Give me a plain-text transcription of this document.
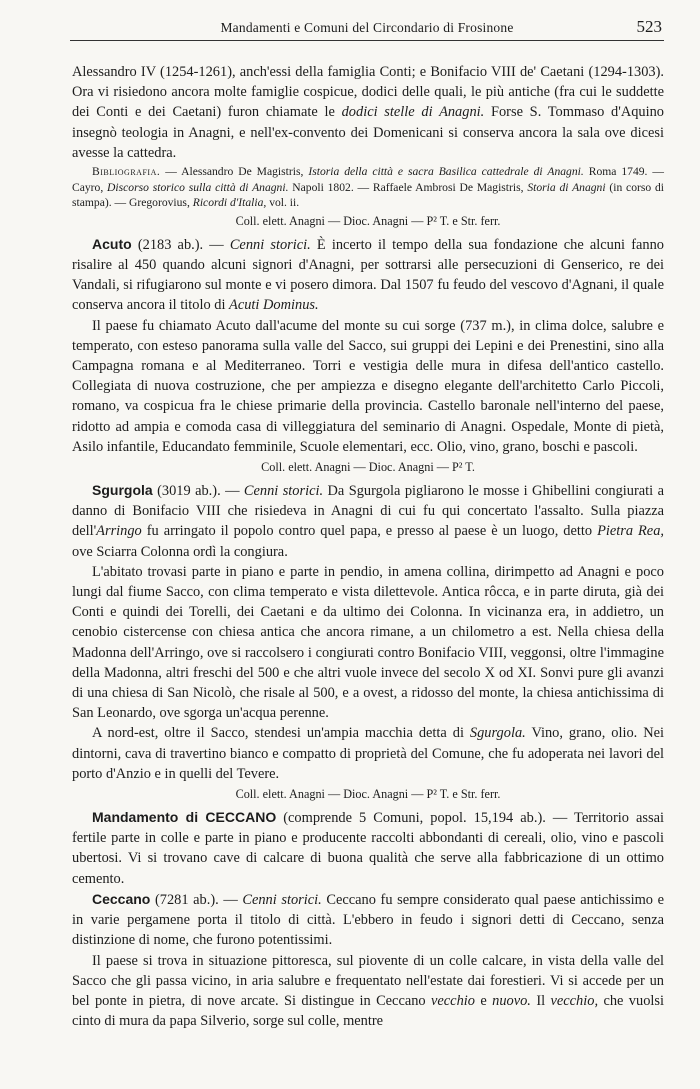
Mandamenti e Comuni del Circondario di Frosinone	523

Alessandro IV (1254-1261), anch'essi della famiglia Conti; e Bonifacio VIII de' Caetani (1294-1303). Ora vi risiedono ancora molte famiglie cospicue, dodici delle quali, le più antiche (fra cui le suddette dei Conti e dei Caetani) furon chiamate le dodici stelle di Anagni. Forse S. Tommaso d'Aquino insegnò teologia in Anagni, e nell'ex-convento dei Domenicani si conserva ancora la sala ove dicesi avesse la cattedra.

Bibliografia. — Alessandro De Magistris, Istoria della città e sacra Basilica cattedrale di Anagni. Roma 1749. — Cayro, Discorso storico sulla città di Anagni. Napoli 1802. — Raffaele Ambrosi De Magistris, Storia di Anagni (in corso di stampa). — Gregorovius, Ricordi d'Italia, vol. ii.

Coll. elett. Anagni — Dioc. Anagni — P² T. e Str. ferr.

Acuto (2183 ab.). — Cenni storici. È incerto il tempo della sua fondazione che alcuni fanno risalire al 450 quando alcuni signori d'Anagni, per sottrarsi alle persecuzioni di Genserico, re dei Vandali, si rifugiarono sul monte e vi posero dimora. Dal 1507 fu feudo del vescovo d'Agnani, il quale conserva ancora il titolo di Acuti Dominus.

Il paese fu chiamato Acuto dall'acume del monte su cui sorge (737 m.), in clima dolce, salubre e temperato, con esteso panorama sulla valle del Sacco, sui gruppi dei Lepini e dei Prenestini, sino alla Campagna romana e al Mediterraneo. Torri e vestigia delle mura in difesa dell'antico castello. Collegiata di nuova costruzione, che per ampiezza e disegno elegante dell'architetto Carlo Piccoli, romano, va cospicua fra le chiese primarie della provincia. Castello baronale nell'interno del paese, ridotto ad ampia e comoda casa di villeggiatura del seminario di Anagni. Ospedale, Monte di pietà, Asilo infantile, Educandato femminile, Scuole elementari, ecc. Olio, vino, grano, boschi e pascoli.

Coll. elett. Anagni — Dioc. Anagni — P² T.

Sgurgola (3019 ab.). — Cenni storici. Da Sgurgola pigliarono le mosse i Ghibellini congiurati a danno di Bonifacio VIII che risiedeva in Anagni di cui fu qui concertato l'assalto. Sulla piazza dell'Arringo fu arringato il popolo contro quel papa, e presso al paese è un luogo, detto Pietra Rea, ove Sciarra Colonna ordì la congiura.

L'abitato trovasi parte in piano e parte in pendio, in amena collina, dirimpetto ad Anagni e poco lungi dal fiume Sacco, con clima temperato e vista dilettevole. Antica rôcca, e in parte diruta, già dei Conti e quindi dei Torelli, dei Caetani e da ultimo dei Colonna. In vicinanza era, in addietro, un cenobio cistercense con chiesa antica che ancora rimane, a un chilometro a est. Nella chiesa della Madonna dell'Arringo, ove si raccolsero i congiurati contro Bonifacio VIII, veggonsi, oltre l'immagine della Madonna, altri freschi del 500 e che altri vuole invece del secolo X od XI. Sonvi pure gli avanzi di una chiesa di San Nicolò, che risale al 500, e a ovest, a ridosso del monte, la chiesa antichissima di San Leonardo, ove sgorga un'acqua perenne.

A nord-est, oltre il Sacco, stendesi un'ampia macchia detta di Sgurgola. Vino, grano, olio. Nei dintorni, cava di travertino bianco e compatto di proprietà del Comune, che fu adoperata nei lavori del porto d'Anzio e in quelli del Tevere.

Coll. elett. Anagni — Dioc. Anagni — P² T. e Str. ferr.

Mandamento di CECCANO (comprende 5 Comuni, popol. 15,194 ab.). — Territorio assai fertile parte in colle e parte in piano e producente raccolti abbondanti di cereali, olio, vino e pascoli ubertosi. Vi si trovano cave di calcare di buona qualità che serve alla fabbricazione di un ottimo cemento.

Ceccano (7281 ab.). — Cenni storici. Ceccano fu sempre considerato qual paese antichissimo e in varie pergamene porta il titolo di città. L'ebbero in feudo i signori detti di Ceccano, senza distinzione di nome, che furono potentissimi.

Il paese si trova in situazione pittoresca, sul piovente di un colle calcare, in vista della valle del Sacco che gli passa vicino, in aria salubre e frequentato nell'estate dai forestieri. Vi si accede per un bel ponte in pietra, di nove arcate. Si distingue in Ceccano vecchio e nuovo. Il vecchio, che vuolsi cinto di mura da papa Silverio, sorge sul colle, mentre
